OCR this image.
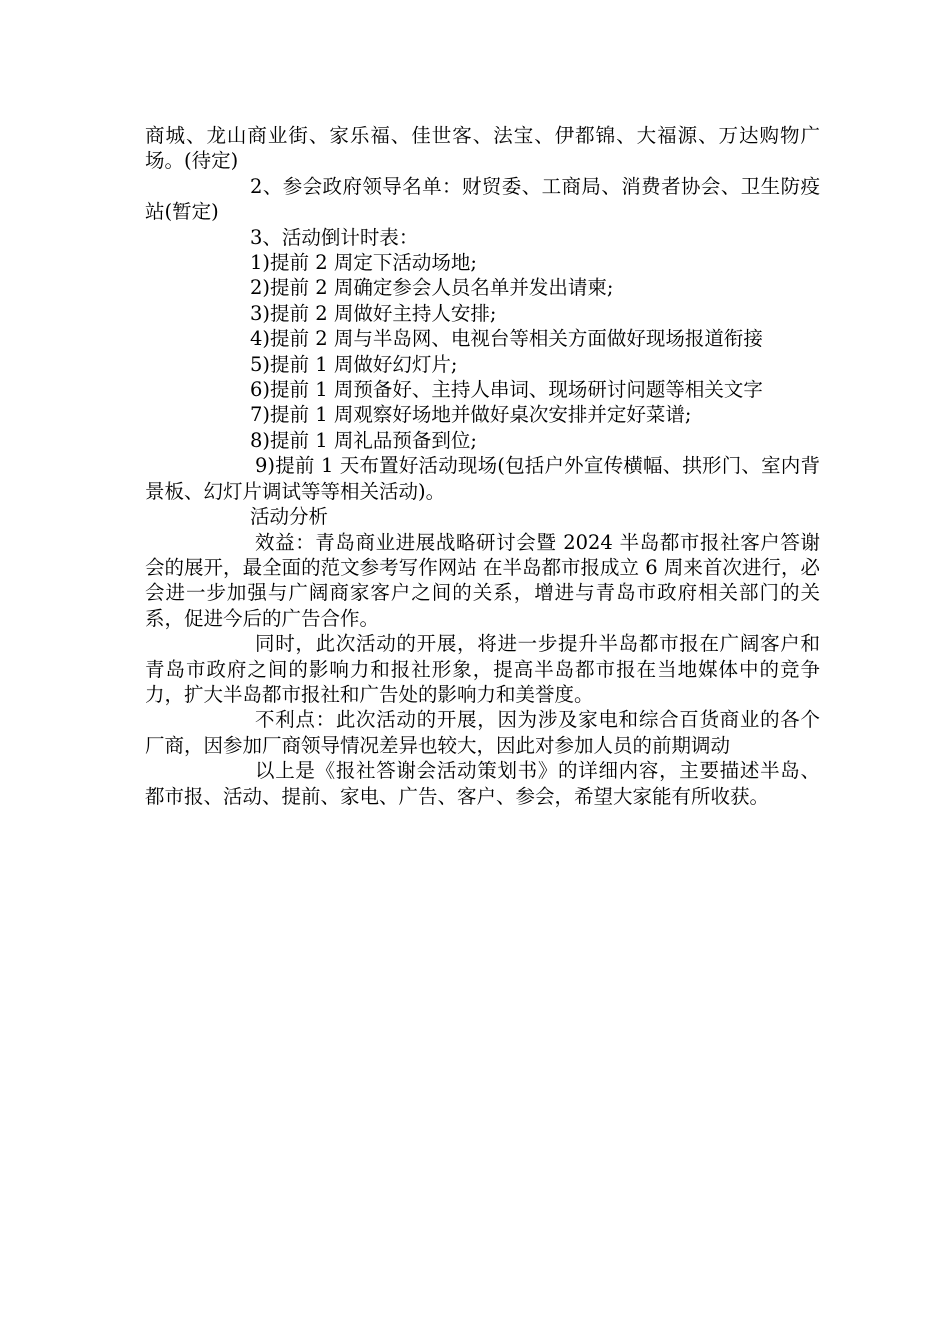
商城、龙山商业街、家乐福、佳世客、法宝、伊都锦、大福源、万达购物广场。(待定)

2、参会政府领导名单：财贸委、工商局、消费者协会、卫生防疫站(暂定)

3、活动倒计时表：

1)提前 2 周定下活动场地;

2)提前 2 周确定参会人员名单并发出请柬;

3)提前 2 周做好主持人安排;

4)提前 2 周与半岛网、电视台等相关方面做好现场报道衔接

5)提前 1 周做好幻灯片;

6)提前 1 周预备好、主持人串词、现场研讨问题等相关文字

7)提前 1 周观察好场地并做好桌次安排并定好菜谱;

8)提前 1 周礼品预备到位;

9)提前 1 天布置好活动现场(包括户外宣传横幅、拱形门、室内背景板、幻灯片调试等等相关活动)。

活动分析

效益：青岛商业进展战略研讨会暨 2024 半岛都市报社客户答谢会的展开，最全面的范文参考写作网站 在半岛都市报成立 6 周来首次进行，必会进一步加强与广阔商家客户之间的关系，增进与青岛市政府相关部门的关系，促进今后的广告合作。

同时，此次活动的开展，将进一步提升半岛都市报在广阔客户和青岛市政府之间的影响力和报社形象，提高半岛都市报在当地媒体中的竞争力，扩大半岛都市报社和广告处的影响力和美誉度。

不利点：此次活动的开展，因为涉及家电和综合百货商业的各个厂商，因参加厂商领导情况差异也较大，因此对参加人员的前期调动

以上是《报社答谢会活动策划书》的详细内容，主要描述半岛、都市报、活动、提前、家电、广告、客户、参会，希望大家能有所收获。
